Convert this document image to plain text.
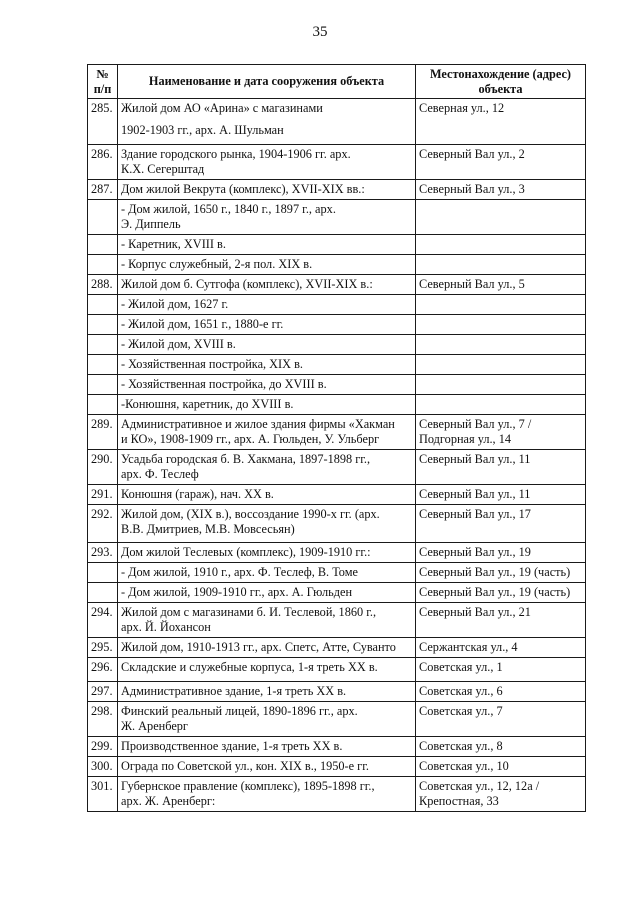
35
№
п/п	Наименование и дата сооружения объекта	Местонахождение (адрес) объекта
285.	Жилой дом АО «Арина» с магазинами
1902-1903 гг., арх. А. Шульман	Северная ул., 12

286.	Здание городского рынка, 1904-1906 гг. арх.
К.Х. Сегерштад	Северный Вал ул., 2

287.	Дом жилой Векрута (комплекс), XVII-XIX вв.:	Северный Вал ул., 3

	- Дом жилой, 1650 г., 1840 г., 1897 г., арх.
Э. Диппель	

	- Каретник, XVIII в.	

	- Корпус служебный, 2-я пол. XIX в.	

288.	Жилой дом б. Сутгофа (комплекс), XVII-XIX в.:	Северный Вал ул., 5

	- Жилой дом, 1627 г.	

	- Жилой дом, 1651 г., 1880-е гг.	

	- Жилой дом, XVIII в.	

	- Хозяйственная постройка, XIX в.	

	- Хозяйственная постройка, до XVIII в.	

	-Конюшня, каретник, до XVIII в.	

289.	Административное и жилое здания фирмы «Хакман
и КО», 1908-1909 гг., арх. А. Гюльден, У. Ульберг	Северный Вал ул., 7 /
Подгорная ул., 14

290.	Усадьба городская б. В. Хакмана, 1897-1898 гг.,
арх. Ф. Теслеф	Северный Вал ул., 11

291.	Конюшня (гараж), нач. XX в.	Северный Вал ул., 11

292.	Жилой дом, (XIX в.), воссоздание 1990-х гг. (арх.
В.В. Дмитриев, М.В. Мовсесьян)	Северный Вал ул., 17

293.	Дом жилой Теслевых (комплекс), 1909-1910 гг.:	Северный Вал ул., 19

	- Дом жилой, 1910 г., арх. Ф. Теслеф, В. Томе	Северный Вал ул., 19 (часть)

	- Дом жилой, 1909-1910 гг., арх. А. Гюльден	Северный Вал ул., 19 (часть)

294.	Жилой дом с магазинами б. И. Теслевой, 1860 г.,
арх. Й. Йохансон	Северный Вал ул., 21

295.	Жилой дом, 1910-1913 гг., арх. Спетс, Атте, Суванто	Сержантская ул., 4

296.	Складские и служебные корпуса, 1-я треть XX в.	Советская ул., 1

297.	Административное здание, 1-я треть XX в.	Советская ул., 6

298.	Финский реальный лицей, 1890-1896 гг., арх.
Ж. Аренберг	Советская ул., 7

299.	Производственное здание, 1-я треть XX в.	Советская ул., 8

300.	Ограда по Советской ул., кон. XIX в., 1950-е гг.	Советская ул., 10

301.	Губернское правление (комплекс), 1895-1898 гг.,
арх. Ж. Аренберг:	Советская ул., 12, 12а /
Крепостная, 33
